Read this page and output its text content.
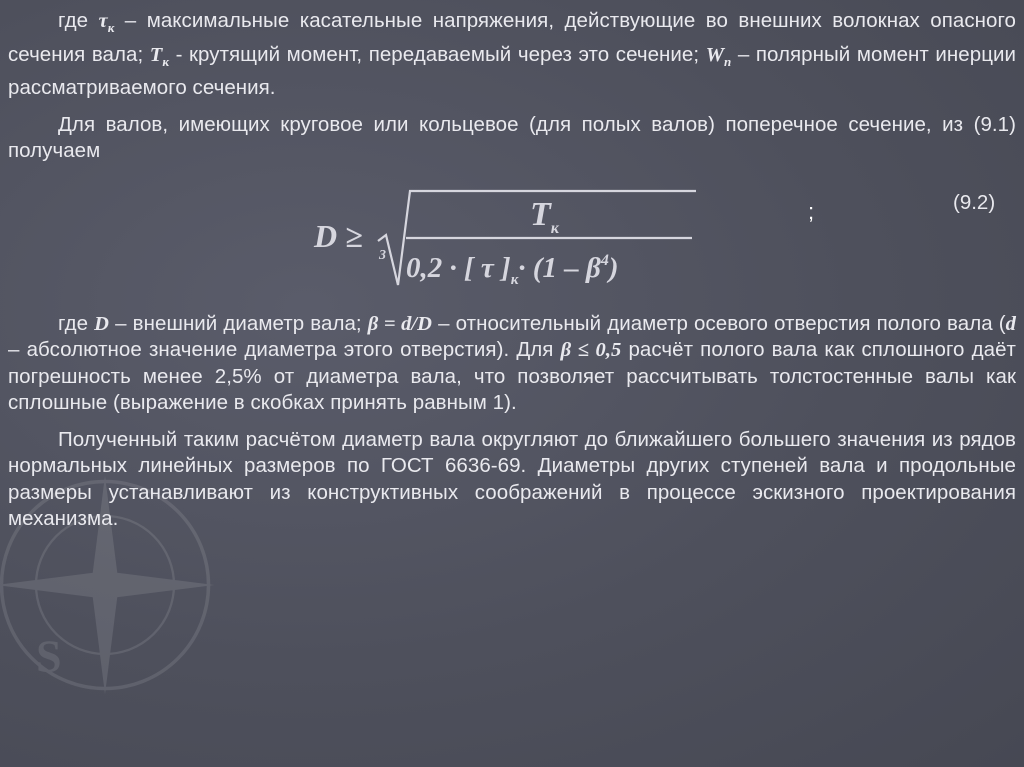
S

где $\tau_к$ – максимальные касательные напряжения, действующие во внешних волокнах опасного сечения вала; $T_к$ - крутящий момент, передаваемый через это сечение; $W_n$ – полярный момент инерции рассматриваемого сечения.

Для валов, имеющих круговое или кольцевое (для полых валов) поперечное сечение, из (9.1) получаем

D ≥
3
$T_к$
0,2 · [ τ ]$_к\cdot (1 - \beta^4)$
;	(9.2)

где D – внешний диаметр вала; β = d/D – относительный диаметр осевого отверстия полого вала (d – абсолютное значение диаметра этого отверстия). Для β ≤ 0,5 расчёт полого вала как сплошного даёт погрешность менее 2,5% от диаметра вала, что позволяет рассчитывать толстостенные валы как сплошные (выражение в скобках принять равным 1).

Полученный таким расчётом диаметр вала округляют до ближайшего большего значения из рядов нормальных линейных размеров по ГОСТ 6636-69. Диаметры других ступеней вала и продольные размеры устанавливают из конструктивных соображений в процессе эскизного проектирования механизма.
